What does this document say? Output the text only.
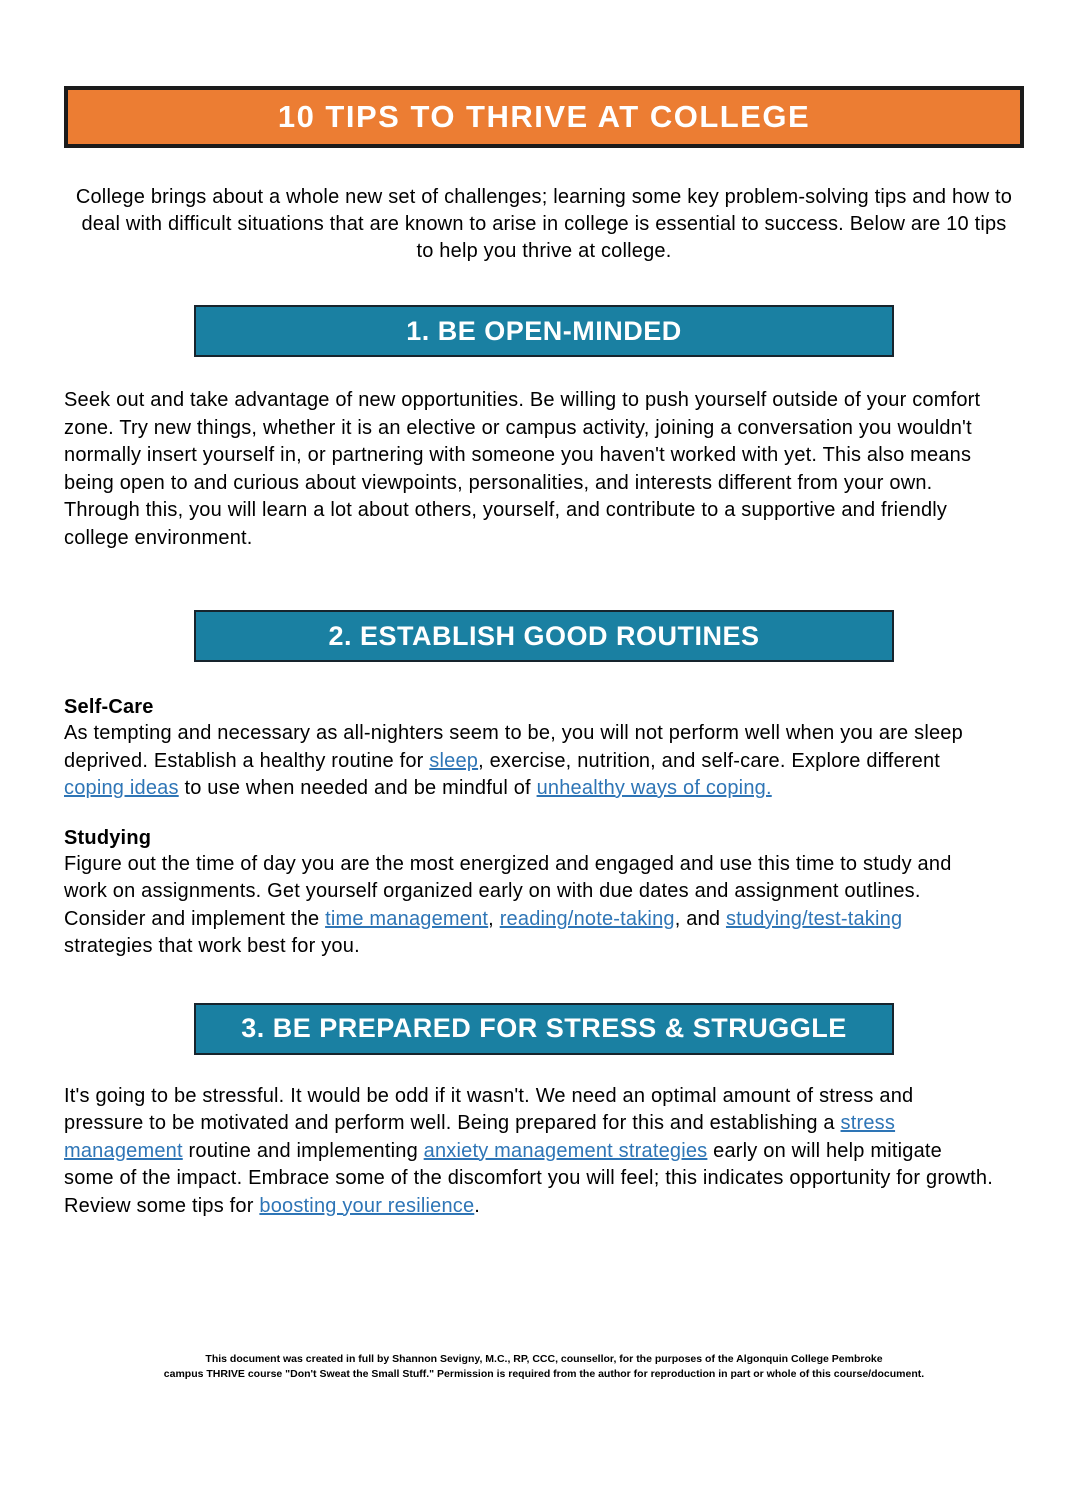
10 TIPS TO THRIVE AT COLLEGE

College brings about a whole new set of challenges; learning some key problem-solving tips and how to deal with difficult situations that are known to arise in college is essential to success. Below are 10 tips to help you thrive at college.

1. BE OPEN-MINDED

Seek out and take advantage of new opportunities. Be willing to push yourself outside of your comfort zone. Try new things, whether it is an elective or campus activity, joining a conversation you wouldn't normally insert yourself in, or partnering with someone you haven't worked with yet. This also means being open to and curious about viewpoints, personalities, and interests different from your own. Through this, you will learn a lot about others, yourself, and contribute to a supportive and friendly college environment.

2. ESTABLISH GOOD ROUTINES
Self-Care

As tempting and necessary as all-nighters seem to be, you will not perform well when you are sleep deprived. Establish a healthy routine for sleep, exercise, nutrition, and self-care. Explore different coping ideas to use when needed and be mindful of unhealthy ways of coping.

Studying

Figure out the time of day you are the most energized and engaged and use this time to study and work on assignments. Get yourself organized early on with due dates and assignment outlines. Consider and implement the time management, reading/note-taking, and studying/test-taking strategies that work best for you.

3. BE PREPARED FOR STRESS & STRUGGLE

It's going to be stressful. It would be odd if it wasn't. We need an optimal amount of stress and pressure to be motivated and perform well. Being prepared for this and establishing a stress management routine and implementing anxiety management strategies early on will help mitigate some of the impact. Embrace some of the discomfort you will feel; this indicates opportunity for growth. Review some tips for boosting your resilience.

This document was created in full by Shannon Sevigny, M.C., RP, CCC, counsellor, for the purposes of the Algonquin College Pembroke
campus THRIVE course "Don't Sweat the Small Stuff." Permission is required from the author for reproduction in part or whole of this course/document.
